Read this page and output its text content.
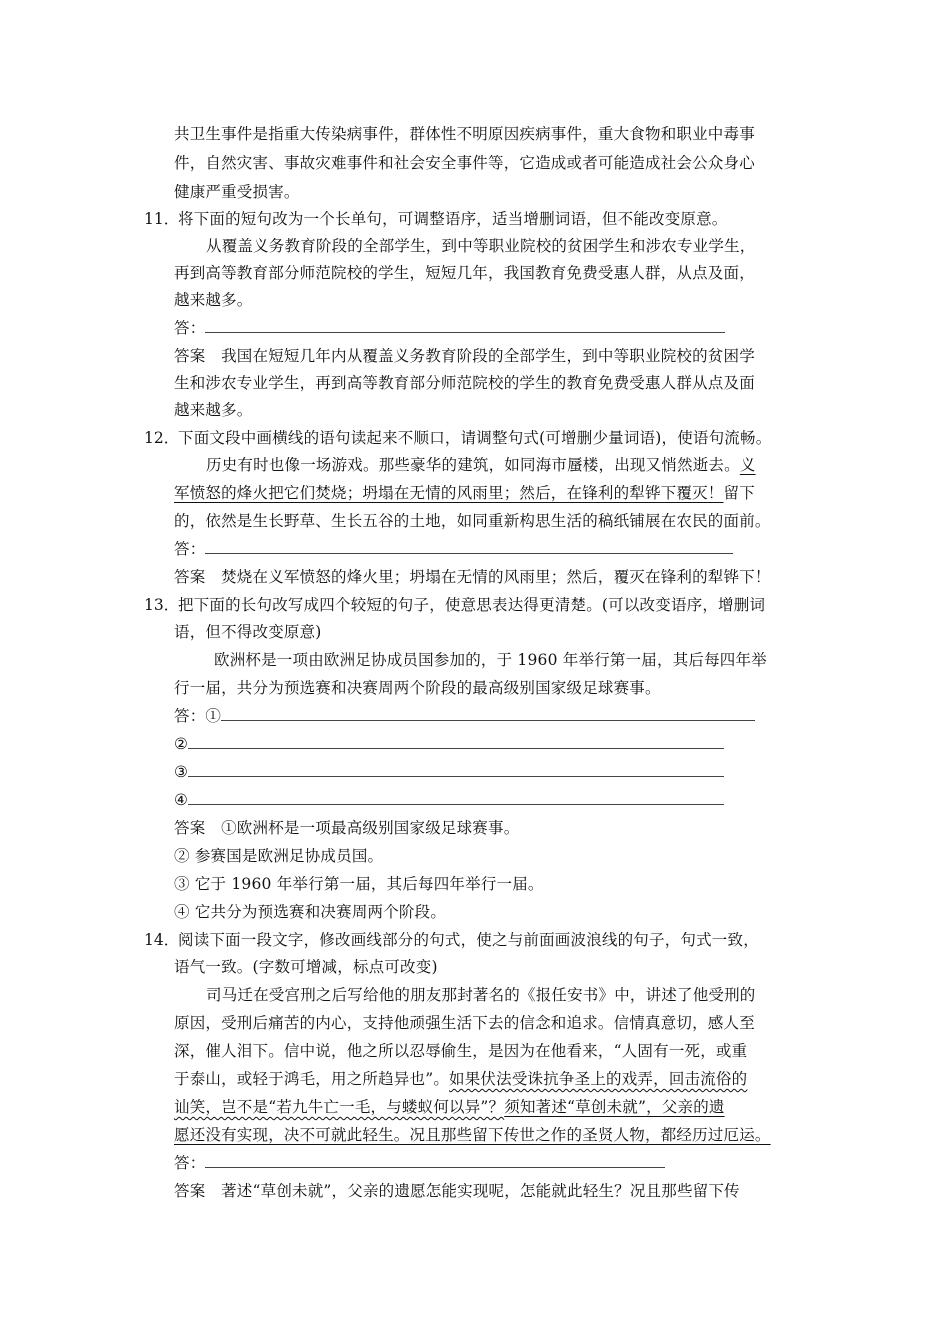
共卫生事件是指重大传染病事件，群体性不明原因疾病事件，重大食物和职业中毒事
件，自然灾害、事故灾难事件和社会安全事件等，它造成或者可能造成社会公众身心
健康严重受损害。
11．
将下面的短句改为一个长单句，可调整语序，适当增删词语，但不能改变原意。
从覆盖义务教育阶段的全部学生，到中等职业院校的贫困学生和涉农专业学生，
再到高等教育部分师范院校的学生，短短几年，我国教育免费受惠人群，从点及面，
越来越多。
答：
答案　我国在短短几年内从覆盖义务教育阶段的全部学生，到中等职业院校的贫困学
生和涉农专业学生，再到高等教育部分师范院校的学生的教育免费受惠人群从点及面
越来越多。
12．
下面文段中画横线的语句读起来不顺口，请调整句式(可增删少量词语)，使语句流畅。
历史有时也像一场游戏。那些豪华的建筑，如同海市蜃楼，出现又悄然逝去。义
军愤怒的烽火把它们焚烧；坍塌在无情的风雨里；然后，在锋利的犁铧下覆灭！留下
的，依然是生长野草、生长五谷的土地，如同重新构思生活的稿纸铺展在农民的面前。
答：
答案　焚烧在义军愤怒的烽火里；坍塌在无情的风雨里；然后，覆灭在锋利的犁铧下！
13．
把下面的长句改写成四个较短的句子，使意思表达得更清楚。(可以改变语序，增删词
语，但不得改变原意)
欧洲杯是一项由欧洲足协成员国参加的，于 1960 年举行第一届，其后每四年举
行一届，共分为预选赛和决赛周两个阶段的最高级别国家级足球赛事。
答：①
②
③
④
答案　①欧洲杯是一项最高级别国家级足球赛事。
② 参赛国是欧洲足协成员国。
③ 它于 1960 年举行第一届，其后每四年举行一届。
④ 它共分为预选赛和决赛周两个阶段。
14．
阅读下面一段文字，修改画线部分的句式，使之与前面画波浪线的句子，句式一致，
语气一致。(字数可增减，标点可改变)
司马迁在受宫刑之后写给他的朋友那封著名的《报任安书》中，讲述了他受刑的
原因，受刑后痛苦的内心，支持他顽强生活下去的信念和追求。信情真意切，感人至
深，催人泪下。信中说，他之所以忍辱偷生，是因为在他看来，“人固有一死，或重
于泰山，或轻于鸿毛，用之所趋异也”。如果伏法受诛抗争圣上的戏弄，回击流俗的
讪笑，岂不是“若九牛亡一毛，与蝼蚁何以异”？须知著述“草创未就”，父亲的遗
愿还没有实现，决不可就此轻生。况且那些留下传世之作的圣贤人物，都经历过厄运。
答：
答案　著述“草创未就”，父亲的遗愿怎能实现呢，怎能就此轻生？况且那些留下传
